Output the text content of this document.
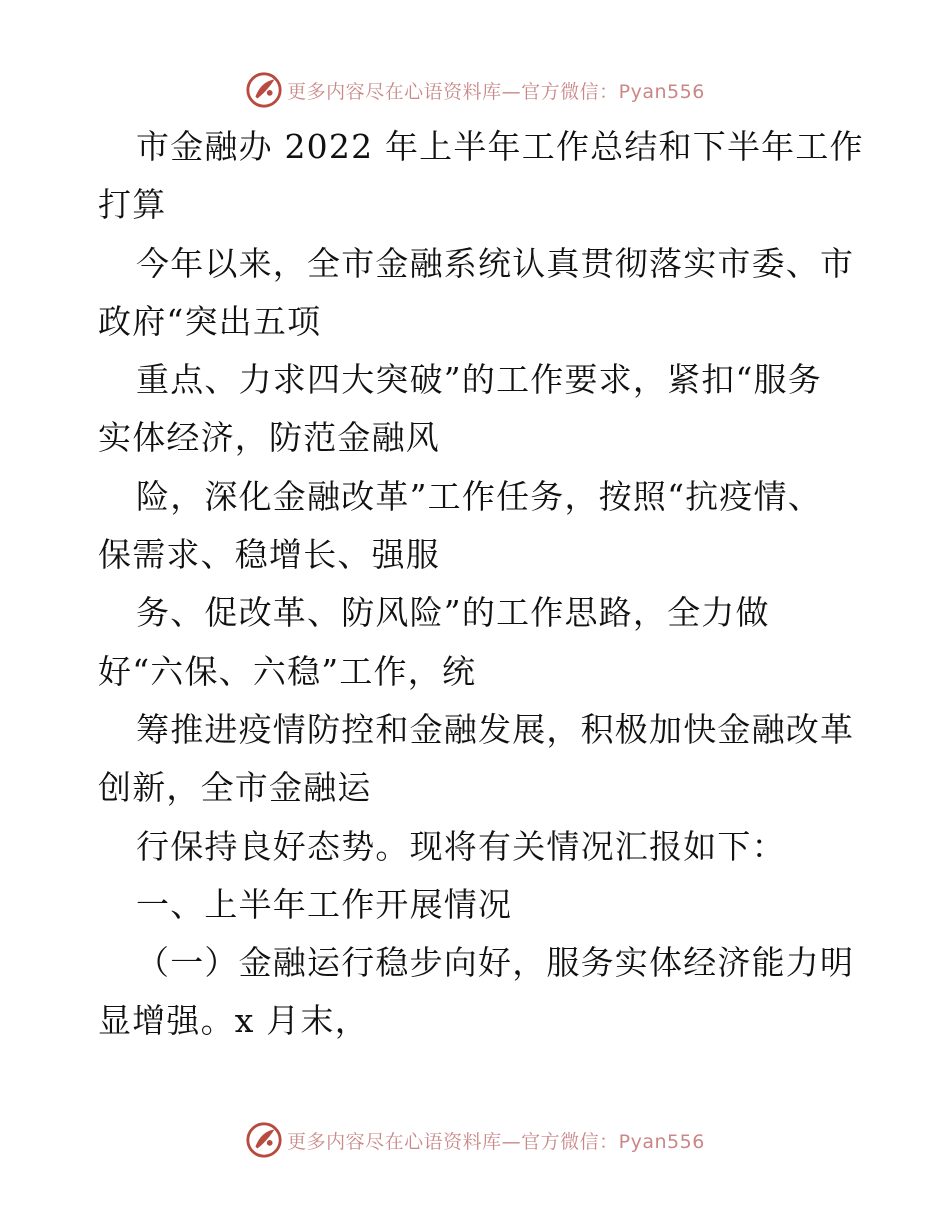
更多内容尽在心语资料库—官方微信：Pyan556
市金融办 2022 年上半年工作总结和下半年工作
打算
今年以来，全市金融系统认真贯彻落实市委、市
政府“突出五项
重点、力求四大突破”的工作要求，紧扣“服务
实体经济，防范金融风
险，深化金融改革”工作任务，按照“抗疫情、
保需求、稳增长、强服
务、促改革、防风险”的工作思路，全力做
好“六保、六稳”工作，统
筹推进疫情防控和金融发展，积极加快金融改革
创新，全市金融运
行保持良好态势。现将有关情况汇报如下：
一、上半年工作开展情况
（一）金融运行稳步向好，服务实体经济能力明
显增强。x 月末，
更多内容尽在心语资料库—官方微信：Pyan556
